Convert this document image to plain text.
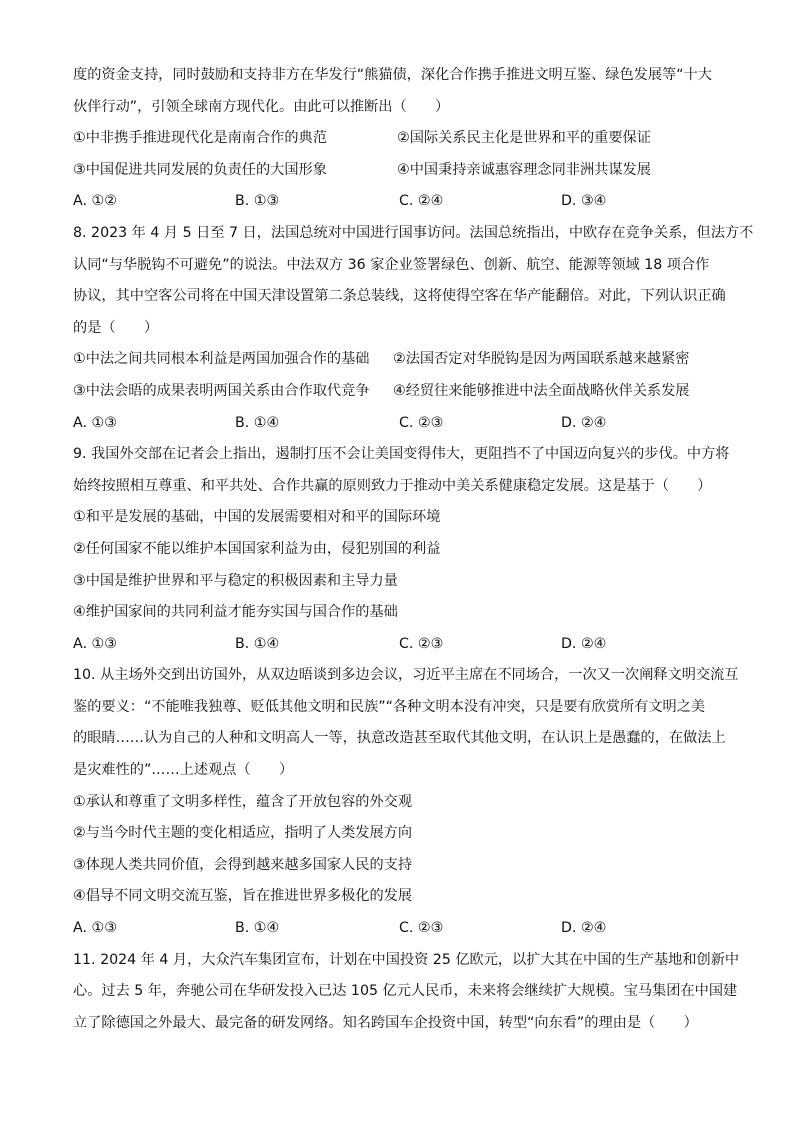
度的资金支持，同时鼓励和支持非方在华发行“熊猫债，深化合作携手推进文明互鉴、绿色发展等“十大
伙伴行动”，引领全球南方现代化。由此可以推断出（　　）
①中非携手推进现代化是南南合作的典范	②国际关系民主化是世界和平的重要保证
③中国促进共同发展的负责任的大国形象	④中国秉持亲诚惠容理念同非洲共谋发展
A. ①②	B. ①③	C. ②④	D. ③④
8. 2023 年 4 月 5 日至 7 日，法国总统对中国进行国事访问。法国总统指出，中欧存在竞争关系，但法方不
认同“与华脱钩不可避免”的说法。中法双方 36 家企业签署绿色、创新、航空、能源等领域 18 项合作
协议，其中空客公司将在中国天津设置第二条总装线，这将使得空客在华产能翻倍。对此，下列认识正确
的是（　　）
①中法之间共同根本利益是两国加强合作的基础	②法国否定对华脱钩是因为两国联系越来越紧密
③中法会晤的成果表明两国关系由合作取代竞争	④经贸往来能够推进中法全面战略伙伴关系发展
A. ①③	B. ①④	C. ②③	D. ②④
9. 我国外交部在记者会上指出，遏制打压不会让美国变得伟大，更阻挡不了中国迈向复兴的步伐。中方将
始终按照相互尊重、和平共处、合作共赢的原则致力于推动中美关系健康稳定发展。这是基于（　　）
①和平是发展的基础，中国的发展需要相对和平的国际环境
②任何国家不能以维护本国国家利益为由，侵犯别国的利益
③中国是维护世界和平与稳定的积极因素和主导力量
④维护国家间的共同利益才能夯实国与国合作的基础
A. ①③	B. ①④	C. ②③	D. ②④
10. 从主场外交到出访国外，从双边晤谈到多边会议，习近平主席在不同场合，一次又一次阐释文明交流互
鉴的要义：“不能唯我独尊、贬低其他文明和民族”“各种文明本没有冲突，只是要有欣赏所有文明之美
的眼睛……认为自己的人种和文明高人一等，执意改造甚至取代其他文明，在认识上是愚蠢的，在做法上
是灾难性的”……上述观点（　　）
①承认和尊重了文明多样性，蕴含了开放包容的外交观
②与当今时代主题的变化相适应，指明了人类发展方向
③体现人类共同价值，会得到越来越多国家人民的支持
④倡导不同文明交流互鉴，旨在推进世界多极化的发展
A. ①③	B. ①④	C. ②③	D. ②④
11. 2024 年 4 月，大众汽车集团宣布，计划在中国投资 25 亿欧元，以扩大其在中国的生产基地和创新中
心。过去 5 年，奔驰公司在华研发投入已达 105 亿元人民币，未来将会继续扩大规模。宝马集团在中国建
立了除德国之外最大、最完备的研发网络。知名跨国车企投资中国，转型“向东看”的理由是（　　）
